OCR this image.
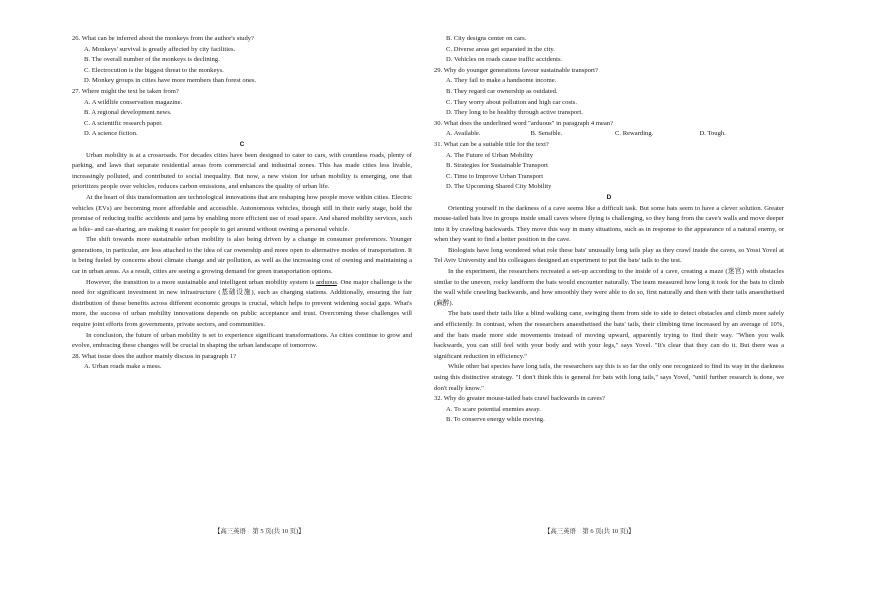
26. What can be inferred about the monkeys from the author's study?
A. Monkeys' survival is greatly affected by city facilities.
B. The overall number of the monkeys is declining.
C. Electrocution is the biggest threat to the monkeys.
D. Monkey groups in cities have more members than forest ones.
27. Where might the text be taken from?
A. A wildlife conservation magazine.
B. A regional development news.
C. A scientific research paper.
D. A science fiction.
C
Urban mobility is at a crossroads. For decades cities have been designed to cater to cars, with countless roads, plenty of parking, and laws that separate residential areas from commercial and industrial zones. This has made cities less livable, increasingly polluted, and contributed to social inequality. But now, a new vision for urban mobility is emerging, one that prioritizes people over vehicles, reduces carbon emissions, and enhances the quality of urban life.
At the heart of this transformation are technological innovations that are reshaping how people move within cities. Electric vehicles (EVs) are becoming more affordable and accessible. Autonomous vehicles, though still in their early stage, hold the promise of reducing traffic accidents and jams by enabling more efficient use of road space. And shared mobility services, such as bike- and car-sharing, are making it easier for people to get around without owning a personal vehicle.
The shift towards more sustainable urban mobility is also being driven by a change in consumer preferences. Younger generations, in particular, are less attached to the idea of car ownership and more open to alternative modes of transportation. It is being fueled by concerns about climate change and air pollution, as well as the increasing cost of owning and maintaining a car in urban areas. As a result, cities are seeing a growing demand for green transportation options.
However, the transition to a more sustainable and intelligent urban mobility system is arduous. One major challenge is the need for significant investment in new infrastructure (基础设施), such as charging stations. Additionally, ensuring the fair distribution of these benefits across different economic groups is crucial, which helps to prevent widening social gaps. What's more, the success of urban mobility innovations depends on public acceptance and trust. Overcoming these challenges will require joint efforts from governments, private sectors, and communities.
In conclusion, the future of urban mobility is set to experience significant transformations. As cities continue to grow and evolve, embracing these changes will be crucial in shaping the urban landscape of tomorrow.
28. What issue does the author mainly discuss in paragraph 1?
A. Urban roads make a mess.
B. City designs center on cars.
C. Diverse areas get separated in the city.
D. Vehicles on roads cause traffic accidents.
29. Why do younger generations favour sustainable transport?
A. They fail to make a handsome income.
B. They regard car ownership as outdated.
C. They worry about pollution and high car costs.
D. They long to be healthy through active transport.
30. What does the underlined word "arduous" in paragraph 4 mean?
A. Available.	B. Sensible.	C. Rewarding.	D. Tough.
31. What can be a suitable title for the text?
A. The Future of Urban Mobility
B. Strategies for Sustainable Transport
C. Time to Improve Urban Transport
D. The Upcoming Shared City Mobility
D
Orienting yourself in the darkness of a cave seems like a difficult task. But some bats seem to have a clever solution. Greater mouse-tailed bats live in groups inside small caves where flying is challenging, so they hang from the cave's walls and move deeper into it by crawling backwards. They move this way in many situations, such as in response to the appearance of a natural enemy, or when they want to find a better position in the cave.
Biologists have long wondered what role these bats' unusually long tails play as they crawl inside the caves, so Yossi Yovel at Tel Aviv University and his colleagues designed an experiment to put the bats' tails to the test.
In the experiment, the researchers recreated a set-up according to the inside of a cave, creating a maze (迷宫) with obstacles similar to the uneven, rocky landform the bats would encounter naturally. The team measured how long it took for the bats to climb the wall while crawling backwards, and how smoothly they were able to do so, first naturally and then with their tails anaesthetised (麻醉).
The bats used their tails like a blind walking cane, swinging them from side to side to detect obstacles and climb more safely and efficiently. In contrast, when the researchers anaesthetised the bats' tails, their climbing time increased by an average of 10%, and the bats made more side movements instead of moving upward, apparently trying to find their way. "When you walk backwards, you can still feel with your body and with your legs," says Yovel. "It's clear that they can do it. But there was a significant reduction in efficiency."
While other bat species have long tails, the researchers say this is so far the only one recognized to find its way in the darkness using this distinctive strategy. "I don't think this is general for bats with long tails," says Yovel, "until further research is done, we don't really know."
32. Why do greater mouse-tailed bats crawl backwards in caves?
A. To scare potential enemies away.
B. To conserve energy while moving.
【高三英语　第 5 页(共 10 页)】	【高三英语　第 6 页(共 10 页)】
